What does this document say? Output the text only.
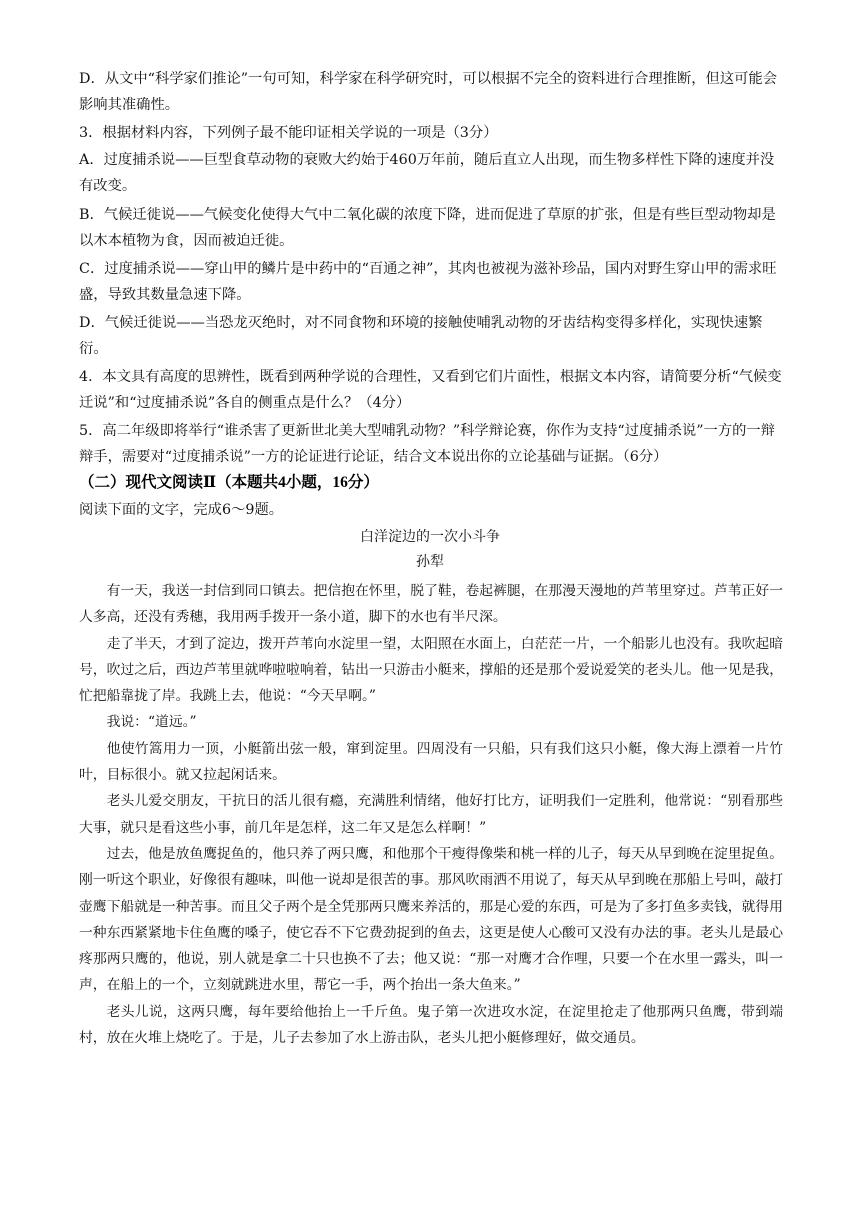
D．从文中“科学家们推论”一句可知，科学家在科学研究时，可以根据不完全的资料进行合理推断，但这可能会影响其准确性。

3．根据材料内容，下列例子最不能印证相关学说的一项是（3分）

A．过度捕杀说——巨型食草动物的衰败大约始于460万年前，随后直立人出现，而生物多样性下降的速度并没有改变。

B．气候迁徙说——气候变化使得大气中二氧化碳的浓度下降，进而促进了草原的扩张，但是有些巨型动物却是以木本植物为食，因而被迫迁徙。

C．过度捕杀说——穿山甲的鳞片是中药中的“百通之神”，其肉也被视为滋补珍品，国内对野生穿山甲的需求旺盛，导致其数量急速下降。

D．气候迁徙说——当恐龙灭绝时，对不同食物和环境的接触使哺乳动物的牙齿结构变得多样化，实现快速繁衍。

4．本文具有高度的思辨性，既看到两种学说的合理性，又看到它们片面性，根据文本内容，请简要分析“气候变迁说”和“过度捕杀说”各自的侧重点是什么？（4分）

5．高二年级即将举行“谁杀害了更新世北美大型哺乳动物？”科学辩论赛，你作为支持“过度捕杀说”一方的一辩辩手，需要对“过度捕杀说”一方的论证进行论证，结合文本说出你的立论基础与证据。（6分）

（二）现代文阅读Ⅱ（本题共4小题，16分）
阅读下面的文字，完成6～9题。
白洋淀边的一次小斗争
孙犁

有一天，我送一封信到同口镇去。把信抱在怀里，脱了鞋，卷起裤腿，在那漫天漫地的芦苇里穿过。芦苇正好一人多高，还没有秀穗，我用两手拨开一条小道，脚下的水也有半尺深。

走了半天，才到了淀边，拨开芦苇向水淀里一望，太阳照在水面上，白茫茫一片，一个船影儿也没有。我吹起暗号，吹过之后，西边芦苇里就哗啦啦响着，钻出一只游击小艇来，撑船的还是那个爱说爱笑的老头儿。他一见是我，忙把船靠拢了岸。我跳上去，他说：“今天早啊。”

我说：“道远。”

他使竹篙用力一顶，小艇箭出弦一般，窜到淀里。四周没有一只船，只有我们这只小艇，像大海上漂着一片竹叶，目标很小。就又拉起闲话来。

老头儿爱交朋友，干抗日的活儿很有瘾，充满胜利情绪，他好打比方，证明我们一定胜利，他常说：“别看那些大事，就只是看这些小事，前几年是怎样，这二年又是怎么样啊！”

过去，他是放鱼鹰捉鱼的，他只养了两只鹰，和他那个干瘦得像柴和桃一样的儿子，每天从早到晚在淀里捉鱼。刚一听这个职业，好像很有趣味，叫他一说却是很苦的事。那风吹雨洒不用说了，每天从早到晚在那船上号叫，敲打壶鹰下船就是一种苦事。而且父子两个是全凭那两只鹰来养活的，那是心爱的东西，可是为了多打鱼多卖钱，就得用一种东西紧紧地卡住鱼鹰的嗓子，使它吞不下它费劲捉到的鱼去，这更是使人心酸可又没有办法的事。老头儿是最心疼那两只鹰的，他说，别人就是拿二十只也换不了去；他又说：“那一对鹰才合作哩，只要一个在水里一露头，叫一声，在船上的一个，立刻就跳进水里，帮它一手，两个抬出一条大鱼来。”

老头儿说，这两只鹰，每年要给他抬上一千斤鱼。鬼子第一次进攻水淀，在淀里抢走了他那两只鱼鹰，带到端村，放在火堆上烧吃了。于是，儿子去参加了水上游击队，老头儿把小艇修理好，做交通员。
